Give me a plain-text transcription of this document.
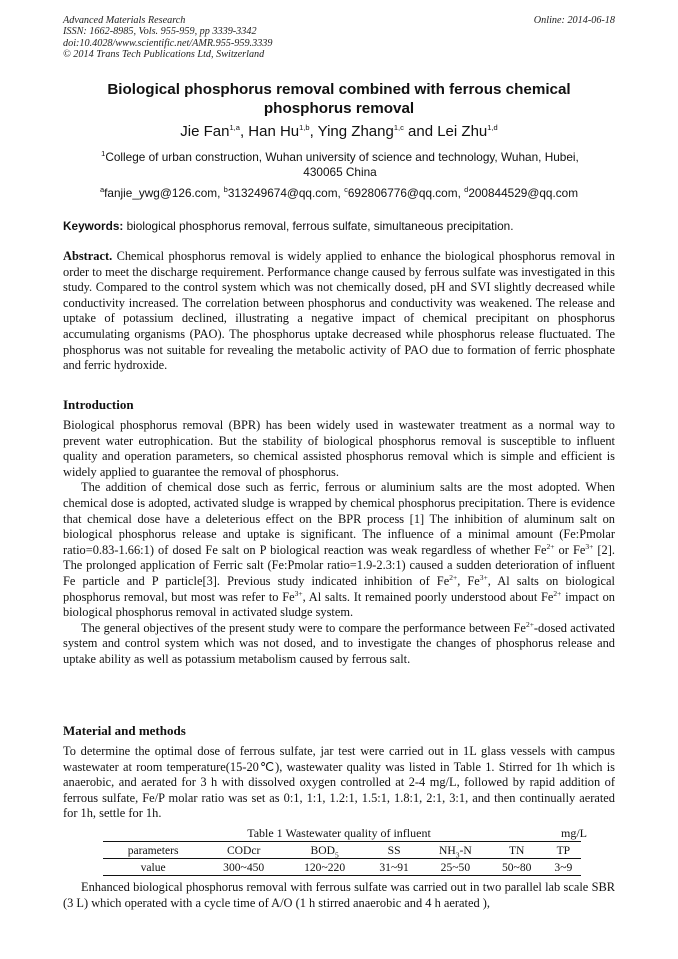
Advanced Materials Research
ISSN: 1662-8985, Vols. 955-959, pp 3339-3342
doi:10.4028/www.scientific.net/AMR.955-959.3339
© 2014 Trans Tech Publications Ltd, Switzerland
Online: 2014-06-18
Biological phosphorus removal combined with ferrous chemical
phosphorus removal
Jie Fan$^{1,a}$, Han Hu$^{1,b}$, Ying Zhang$^{1,c}$ and Lei Zhu$^{1,d}$
$^1$College of urban construction, Wuhan university of science and technology, Wuhan, Hubei, 430065 China
$^a$fanjie_ywg@126.com, $^b$313249674@qq.com, $^c$692806776@qq.com, $^d$200844529@qq.com
Keywords: biological phosphorus removal, ferrous sulfate, simultaneous precipitation.
Abstract. Chemical phosphorus removal is widely applied to enhance the biological phosphorus removal in order to meet the discharge requirement. Performance change caused by ferrous sulfate was investigated in this study. Compared to the control system which was not chemically dosed, pH and SVI slightly decreased while conductivity increased. The correlation between phosphorus and conductivity was weakened. The release and uptake of potassium declined, illustrating a negative impact of chemical precipitant on phosphorus accumulating organisms (PAO). The phosphorus uptake decreased while phosphorus release fluctuated. The phosphorus was not suitable for revealing the metabolic activity of PAO due to formation of ferric phosphate and ferric hydroxide.
Introduction

Biological phosphorus removal (BPR) has been widely used in wastewater treatment as a normal way to prevent water eutrophication. But the stability of biological phosphorus removal is susceptible to influent quality and operation parameters, so chemical assisted phosphorus removal which is simple and efficient is widely applied to guarantee the removal of phosphorus.

The addition of chemical dose such as ferric, ferrous or aluminium salts are the most adopted. When chemical dose is adopted, activated sludge is wrapped by chemical phosphorus precipitation. There is evidence that chemical dose have a deleterious effect on the BPR process [1] The inhibition of aluminum salt on biological phosphorus release and uptake is significant. The influence of a minimal amount (Fe:Pmolar ratio=0.83-1.66:1) of dosed Fe salt on P biological reaction was weak regardless of whether $Fe^{2+}$ or $Fe^{3+}$ [2]. The prolonged application of Ferric salt (Fe:Pmolar ratio=1.9-2.3:1) caused a sudden deterioration of influent Fe particle and P particle[3]. Previous study indicated inhibition of $Fe^{2+}$, $Fe^{3+}$, Al salts on biological phosphorus removal, but most was refer to $Fe^{3+}$, Al salts. It remained poorly understood about $Fe^{2+}$ impact on biological phosphorus removal in activated sludge system.

The general objectives of the present study were to compare the performance between $Fe^{2+}$-dosed activated system and control system which was not dosed, and to investigate the changes of phosphorus release and uptake ability as well as potassium metabolism caused by ferrous salt.

Material and methods
To determine the optimal dose of ferrous sulfate, jar test were carried out in 1L glass vessels with campus wastewater at room temperature(15-20℃), wastewater quality was listed in Table 1. Stirred for 1h which is anaerobic, and aerated for 3 h with dissolved oxygen controlled at 2-4 mg/L, followed by rapid addition of ferrous sulfate, Fe/P molar ratio was set as 0:1, 1:1, 1.2:1, 1.5:1, 1.8:1, 2:1, 3:1, and then continually aerated for 1h, settle for 1h.
Table 1 Wastewater quality of influent	mg/L
parameters	CODcr	$BOD_5$	SS	$NH_3-N$	TN	TP
value	300~450	120~220	31~91	25~50	50~80	3~9
Enhanced biological phosphorus removal with ferrous sulfate was carried out in two parallel lab scale SBR (3 L) which operated with a cycle time of A/O (1 h stirred anaerobic and 4 h aerated ),
